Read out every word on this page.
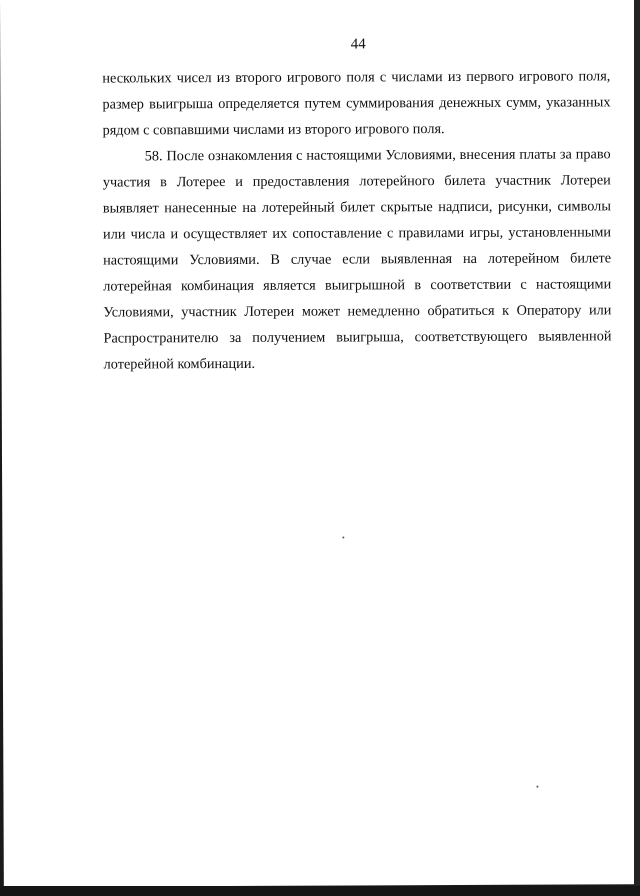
44

нескольких чисел из второго игрового поля с числами из первого игрового поля, размер выигрыша определяется путем суммирования денежных сумм, указанных рядом с совпавшими числами из второго игрового поля.

58. После ознакомления с настоящими Условиями, внесения платы за право участия в Лотерее и предоставления лотерейного билета участник Лотереи выявляет нанесенные на лотерейный билет скрытые надписи, рисунки, символы или числа и осуществляет их сопоставление с правилами игры, установленными настоящими Условиями. В случае если выявленная на лотерейном билете лотерейная комбинация является выигрышной в соответствии с настоящими Условиями, участник Лотереи может немедленно обратиться к Оператору или Распространителю за получением выигрыша, соответствующего выявленной лотерейной комбинации.
